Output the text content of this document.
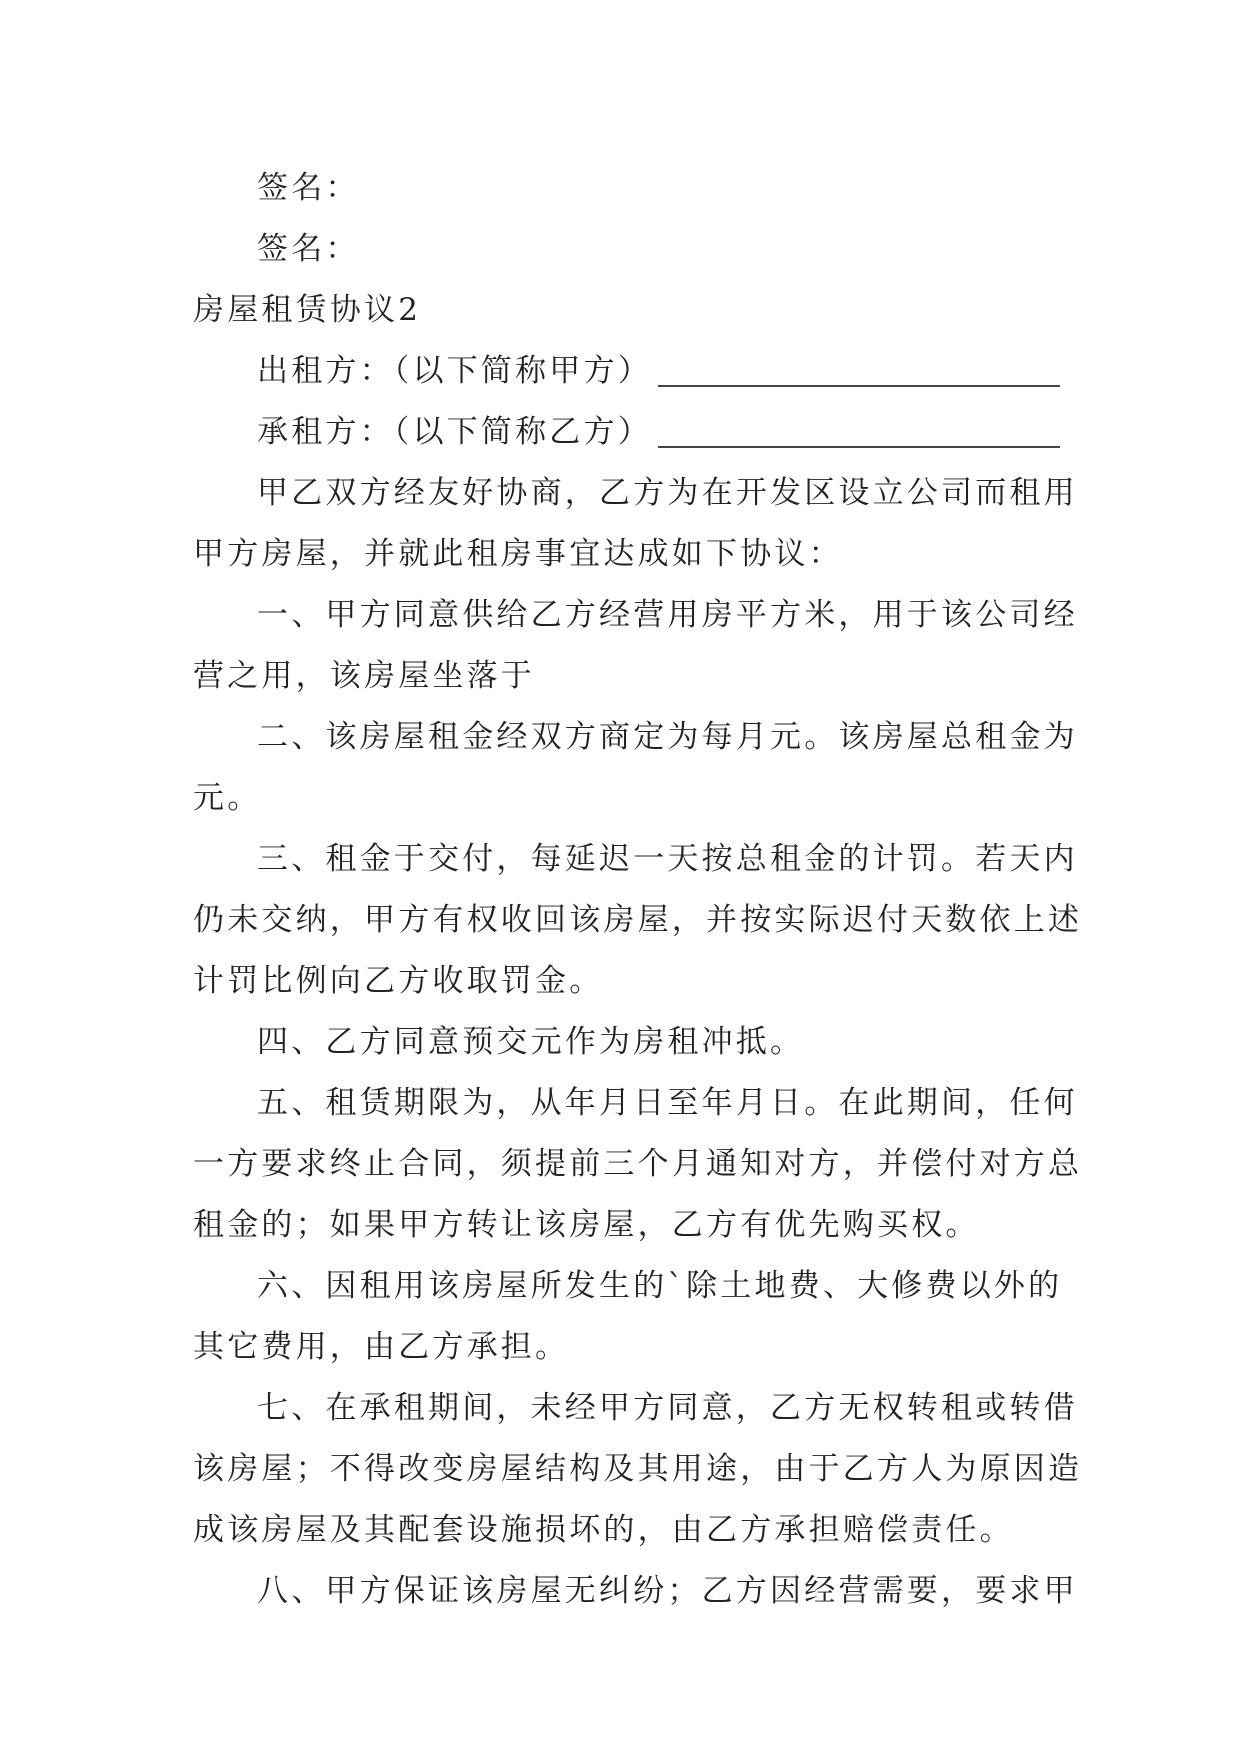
签名：
签名：
房屋租赁协议2
出租方：（以下简称甲方）
承租方：（以下简称乙方）
甲乙双方经友好协商，乙方为在开发区设立公司而租用
甲方房屋，并就此租房事宜达成如下协议：
一、甲方同意供给乙方经营用房平方米，用于该公司经
营之用，该房屋坐落于
二、该房屋租金经双方商定为每月元。该房屋总租金为
元。
三、租金于交付，每延迟一天按总租金的计罚。若天内
仍未交纳，甲方有权收回该房屋，并按实际迟付天数依上述
计罚比例向乙方收取罚金。
四、乙方同意预交元作为房租冲抵。
五、租赁期限为，从年月日至年月日。在此期间，任何
一方要求终止合同，须提前三个月通知对方，并偿付对方总
租金的；如果甲方转让该房屋，乙方有优先购买权。
六、因租用该房屋所发生的`除土地费、大修费以外的
其它费用，由乙方承担。
七、在承租期间，未经甲方同意，乙方无权转租或转借
该房屋；不得改变房屋结构及其用途，由于乙方人为原因造
成该房屋及其配套设施损坏的，由乙方承担赔偿责任。
八、甲方保证该房屋无纠纷；乙方因经营需要，要求甲
